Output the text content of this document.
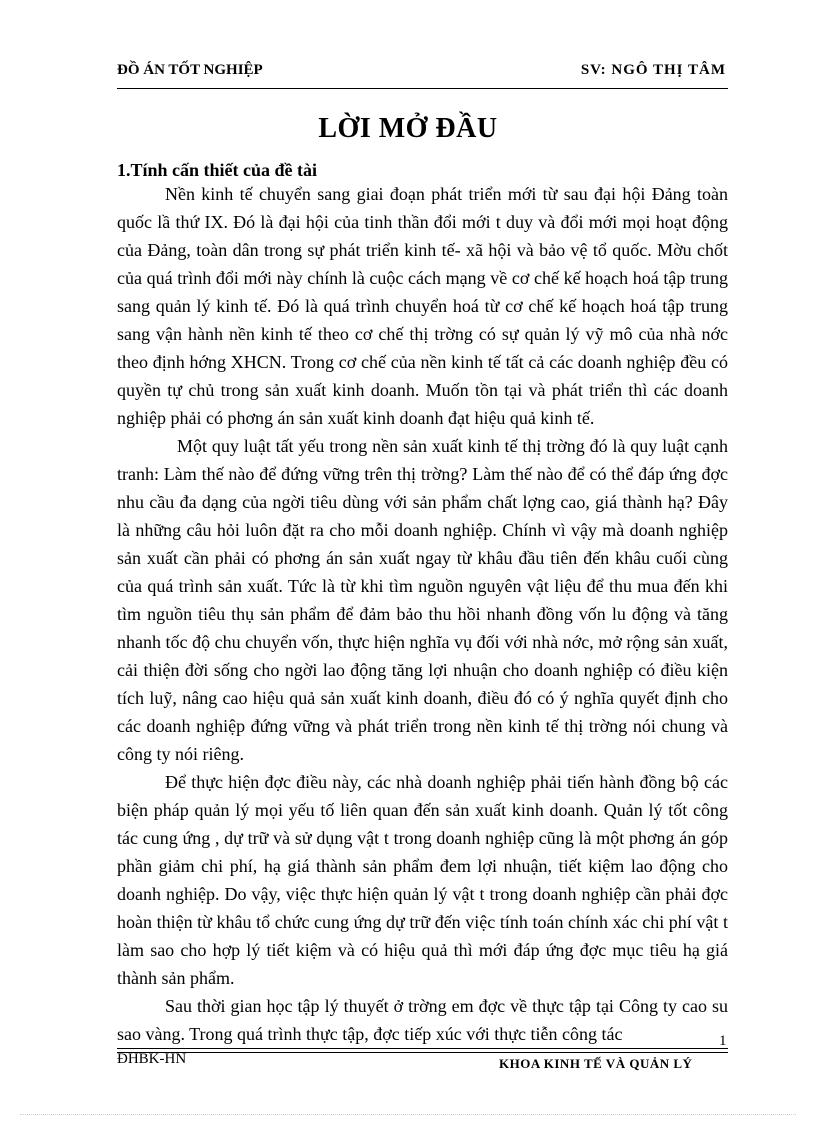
ĐỒ ÁN TỐT NGHIỆP	SV: NGÔ THỊ TÂM
LỜI MỞ ĐẦU
1.Tính cấn thiết của đề tài

Nền kinh tế chuyển sang giai đoạn phát triển mới từ sau đại hội Đảng toàn quốc lầ thứ IX. Đó là đại hội của tinh thần đổi mới t duy và đổi mới mọi hoạt động của Đảng, toàn dân trong sự phát triển kinh tế- xã hội và bảo vệ tổ quốc. Mờu chốt của quá trình đổi mới này chính là cuộc cách mạng về cơ chế kế hoạch hoá tập trung sang quản lý kinh tế. Đó là quá trình chuyển hoá từ cơ chế kế hoạch hoá tập trung sang vận hành nền kinh tế theo cơ chế thị trờng có sự quản lý vỹ mô của nhà nớc theo định hớng XHCN. Trong cơ chế của nền kinh tế tất cả các doanh nghiệp đều có quyền tự chủ trong sản xuất kinh doanh. Muốn tồn tại và phát triển thì các doanh nghiệp phải có phơng án sản xuất kinh doanh đạt hiệu quả kinh tế.

Một quy luật tất yếu trong nền sản xuất kinh tế thị trờng đó là quy luật cạnh tranh: Làm thế nào để đứng vững trên thị trờng? Làm thế nào để có thể đáp ứng đợc nhu cầu đa dạng của ngời tiêu dùng với sản phẩm chất lợng cao, giá thành hạ? Đây là những câu hỏi luôn đặt ra cho mỗi doanh nghiệp. Chính vì vậy mà doanh nghiệp sản xuất cần phải có phơng án sản xuất ngay từ khâu đầu tiên đến khâu cuối cùng của quá trình sản xuất. Tức là từ khi tìm nguồn nguyên vật liệu để thu mua đến khi tìm nguồn tiêu thụ sản phẩm để đảm bảo thu hồi nhanh đồng vốn lu động và tăng nhanh tốc độ chu chuyển vốn, thực hiện nghĩa vụ đối với nhà nớc, mở rộng sản xuất, cải thiện đời sống cho ngời lao động tăng lợi nhuận cho doanh nghiệp có điều kiện tích luỹ, nâng cao hiệu quả sản xuất kinh doanh, điều đó có ý nghĩa quyết định cho các doanh nghiệp đứng vững và phát triển trong nền kinh tế thị trờng nói chung và công ty nói riêng.

Để thực hiện đợc điều này, các nhà doanh nghiệp phải tiến hành đồng bộ các biện pháp quản lý mọi yếu tố liên quan đến sản xuất kinh doanh. Quản lý tốt công tác cung ứng , dự trữ và sử dụng vật t trong doanh nghiệp cũng là một phơng án góp phần giảm chi phí, hạ giá thành sản phẩm đem lợi nhuận, tiết kiệm lao động cho doanh nghiệp. Do vậy, việc thực hiện quản lý vật t trong doanh nghiệp cần phải đợc hoàn thiện từ khâu tổ chức cung ứng dự trữ đến việc tính toán chính xác chi phí vật t làm sao cho hợp lý tiết kiệm và có hiệu quả thì mới đáp ứng đợc mục tiêu hạ giá thành sản phẩm.

Sau thời gian học tập lý thuyết ở trờng em đợc về thực tập tại Công ty cao su sao vàng. Trong quá trình thực tập, đợc tiếp xúc với thực tiễn công tác	1
ĐHBK-HN	KHOA KINH TẾ VÀ QUẢN LÝ
